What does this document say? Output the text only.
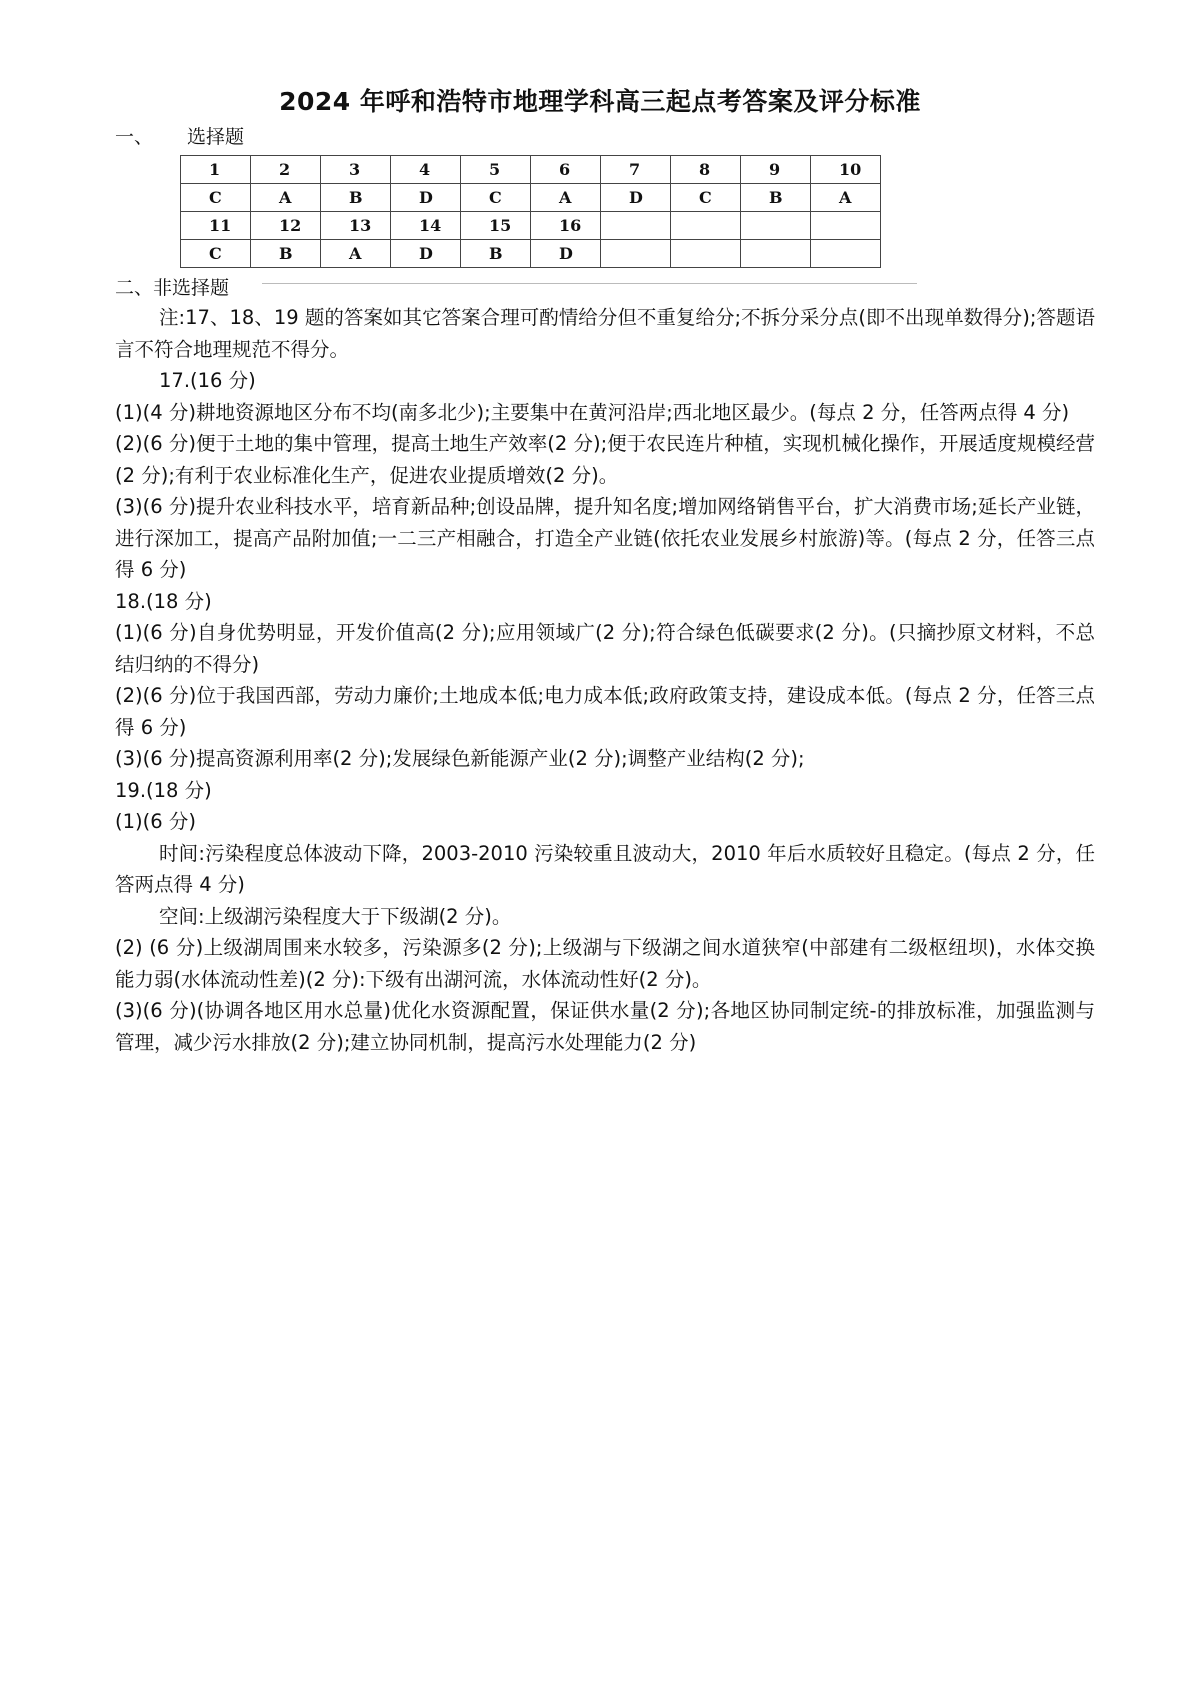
2024 年呼和浩特市地理学科高三起点考答案及评分标准
一、 选择题
1	2	3	4	5	6	7	8	9	10
C	A	B	D	C	A	D	C	B	A
11	12	13	14	15	16				
C	B	A	D	B	D				
二、非选择题

注:17、18、19 题的答案如其它答案合理可酌情给分但不重复给分;不拆分采分点(即不出现单数得分);答题语言不符合地理规范不得分。

17.(16 分)

(1)(4 分)耕地资源地区分布不均(南多北少);主要集中在黄河沿岸;西北地区最少。(每点 2 分，任答两点得 4 分)

(2)(6 分)便于土地的集中管理，提高土地生产效率(2 分);便于农民连片种植，实现机械化操作，开展适度规模经营(2 分);有利于农业标准化生产，促进农业提质增效(2 分)。

(3)(6 分)提升农业科技水平，培育新品种;创设品牌，提升知名度;增加网络销售平台，扩大消费市场;延长产业链，进行深加工，提高产品附加值;一二三产相融合，打造全产业链(依托农业发展乡村旅游)等。(每点 2 分，任答三点得 6 分)

18.(18 分)

(1)(6 分)自身优势明显，开发价值高(2 分);应用领域广(2 分);符合绿色低碳要求(2 分)。(只摘抄原文材料，不总结归纳的不得分)

(2)(6 分)位于我国西部，劳动力廉价;土地成本低;电力成本低;政府政策支持，建设成本低。(每点 2 分，任答三点得 6 分)

(3)(6 分)提高资源利用率(2 分);发展绿色新能源产业(2 分);调整产业结构(2 分);

19.(18 分)

(1)(6 分)

时间:污染程度总体波动下降，2003-2010 污染较重且波动大，2010 年后水质较好且稳定。(每点 2 分，任答两点得 4 分)

空间:上级湖污染程度大于下级湖(2 分)。

(2) (6 分)上级湖周围来水较多，污染源多(2 分);上级湖与下级湖之间水道狭窄(中部建有二级枢纽坝)，水体交换能力弱(水体流动性差)(2 分):下级有出湖河流，水体流动性好(2 分)。

(3)(6 分)(协调各地区用水总量)优化水资源配置，保证供水量(2 分);各地区协同制定统-的排放标准，加强监测与管理，减少污水排放(2 分);建立协同机制，提高污水处理能力(2 分)
